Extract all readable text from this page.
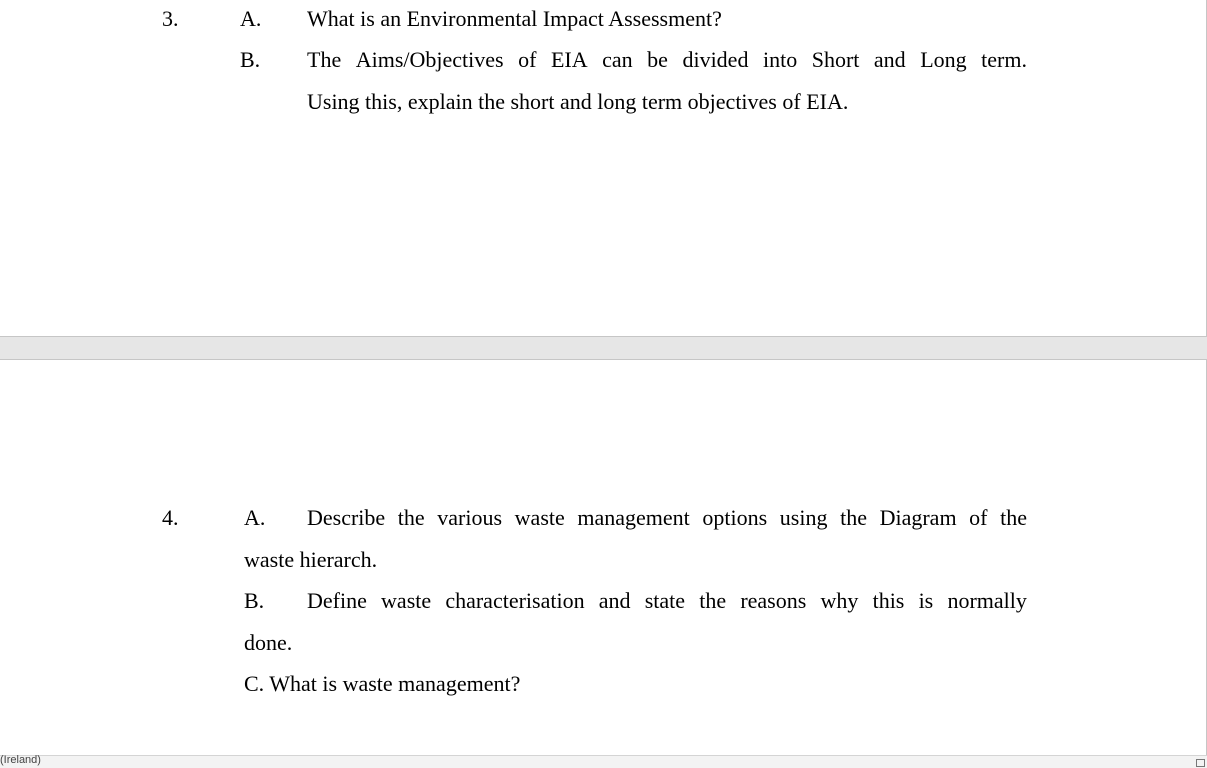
3.	A. What is an Environmental Impact Assessment?
B. The Aims/Objectives of EIA can be divided into Short and Long term.
Using this, explain the short and long term objectives of EIA.
4.	A. Describe the various waste management options using the Diagram of the
waste hierarch.
B. Define waste characterisation and state the reasons why this is normally
done.
C. What is waste management?
(Ireland)
